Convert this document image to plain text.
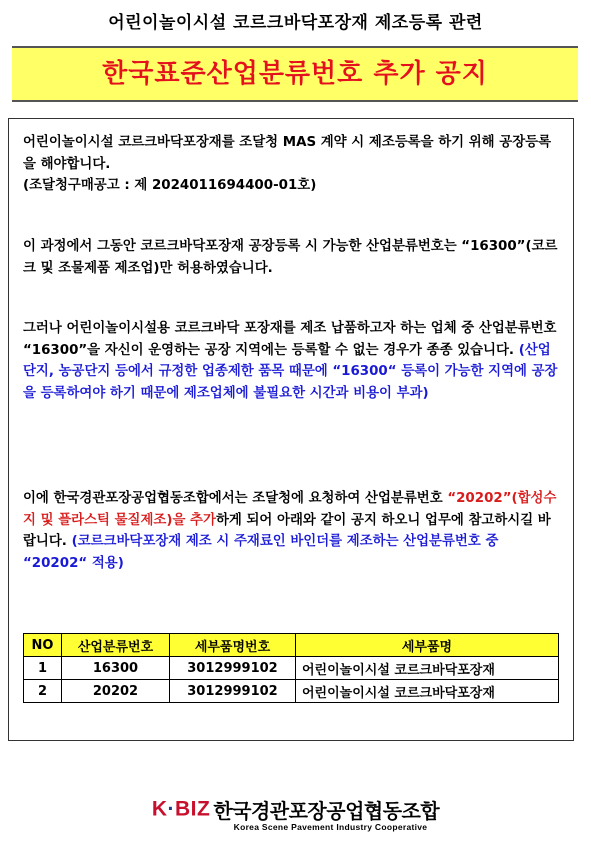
어린이놀이시설 코르크바닥포장재 제조등록 관련
한국표준산업분류번호 추가 공지
어린이놀이시설 코르크바닥포장재를 조달청 MAS 계약 시 제조등록을 하기 위해 공장등록을 해야합니다.
(조달청구매공고 : 제 2024011694400-01호)
이 과정에서 그동안 코르크바닥포장재 공장등록 시 가능한 산업분류번호는 “16300”(코르크 및 조물제품 제조업)만 허용하였습니다.
그러나 어린이놀이시설용 코르크바닥 포장재를 제조 납품하고자 하는 업체 중 산업분류번호 “16300”을 자신이 운영하는 공장 지역에는 등록할 수 없는 경우가 종종 있습니다. (산업단지, 농공단지 등에서 규정한 업종제한 품목 때문에 “16300“ 등록이 가능한 지역에 공장을 등록하여야 하기 때문에 제조업체에 불필요한 시간과 비용이 부과)
이에 한국경관포장공업협동조합에서는 조달청에 요청하여 산업분류번호 “20202”(합성수지 및 플라스틱 물질제조)을 추가하게 되어 아래와 같이 공지 하오니 업무에 참고하시길 바랍니다. (코르크바닥포장재 제조 시 주재료인 바인더를 제조하는 산업분류번호 중 “20202“ 적용)
NO	산업분류번호	세부품명번호	세부품명
1	16300	3012999102	어린이놀이시설 코르크바닥포장재
2	20202	3012999102	어린이놀이시설 코르크바닥포장재
K·BIZ 한국경관포장공업협동조합
Korea Scene Pavement Industry Cooperative
